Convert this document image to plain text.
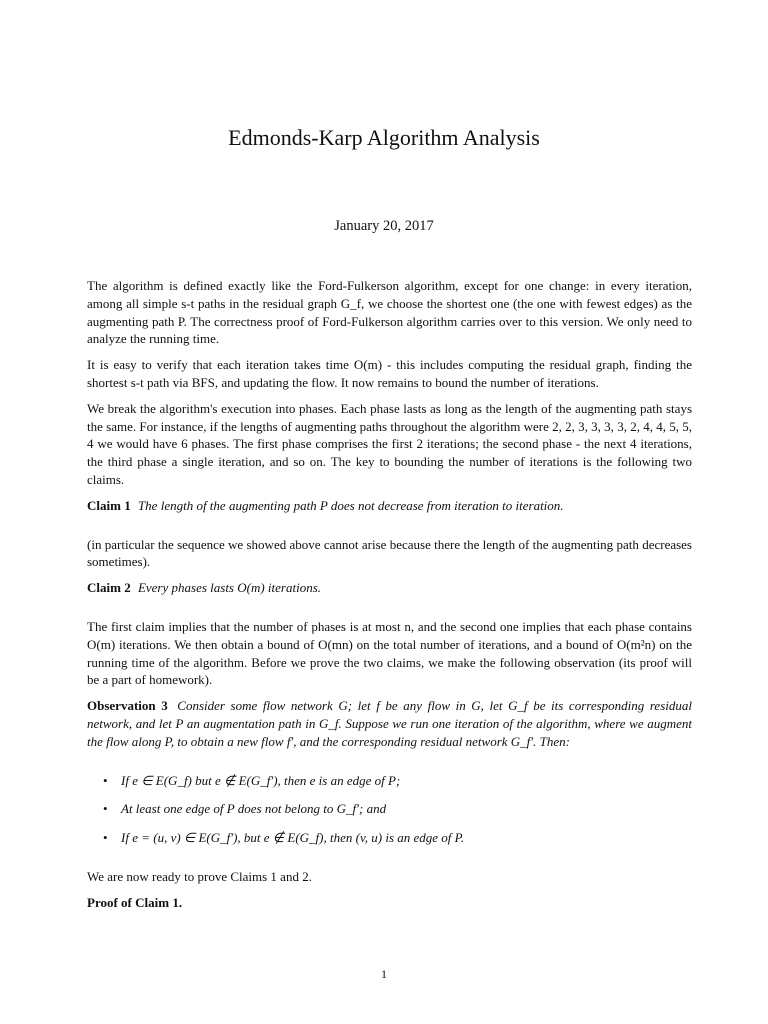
Edmonds-Karp Algorithm Analysis
January 20, 2017

The algorithm is defined exactly like the Ford-Fulkerson algorithm, except for one change: in every iteration, among all simple s-t paths in the residual graph G_f, we choose the shortest one (the one with fewest edges) as the augmenting path P. The correctness proof of Ford-Fulkerson algorithm carries over to this version. We only need to analyze the running time.

It is easy to verify that each iteration takes time O(m) - this includes computing the residual graph, finding the shortest s-t path via BFS, and updating the flow. It now remains to bound the number of iterations.

We break the algorithm's execution into phases. Each phase lasts as long as the length of the augmenting path stays the same. For instance, if the lengths of augmenting paths throughout the algorithm were 2, 2, 3, 3, 3, 3, 2, 4, 4, 5, 5, 4 we would have 6 phases. The first phase comprises the first 2 iterations; the second phase - the next 4 iterations, the third phase a single iteration, and so on. The key to bounding the number of iterations is the following two claims.

Claim 1 The length of the augmenting path P does not decrease from iteration to iteration.

(in particular the sequence we showed above cannot arise because there the length of the augmenting path decreases sometimes).

Claim 2 Every phases lasts O(m) iterations.

The first claim implies that the number of phases is at most n, and the second one implies that each phase contains O(m) iterations. We then obtain a bound of O(mn) on the total number of iterations, and a bound of O(m²n) on the running time of the algorithm. Before we prove the two claims, we make the following observation (its proof will be a part of homework).

Observation 3 Consider some flow network G; let f be any flow in G, let G_f be its corresponding residual network, and let P an augmentation path in G_f. Suppose we run one iteration of the algorithm, where we augment the flow along P, to obtain a new flow f′, and the corresponding residual network G_f′. Then:

• If e ∈ E(G_f) but e ∉ E(G_f′), then e is an edge of P;
• At least one edge of P does not belong to G_f′; and
• If e = (u, v) ∈ E(G_f′), but e ∉ E(G_f), then (v, u) is an edge of P.

We are now ready to prove Claims 1 and 2.

Proof of Claim 1.

1
